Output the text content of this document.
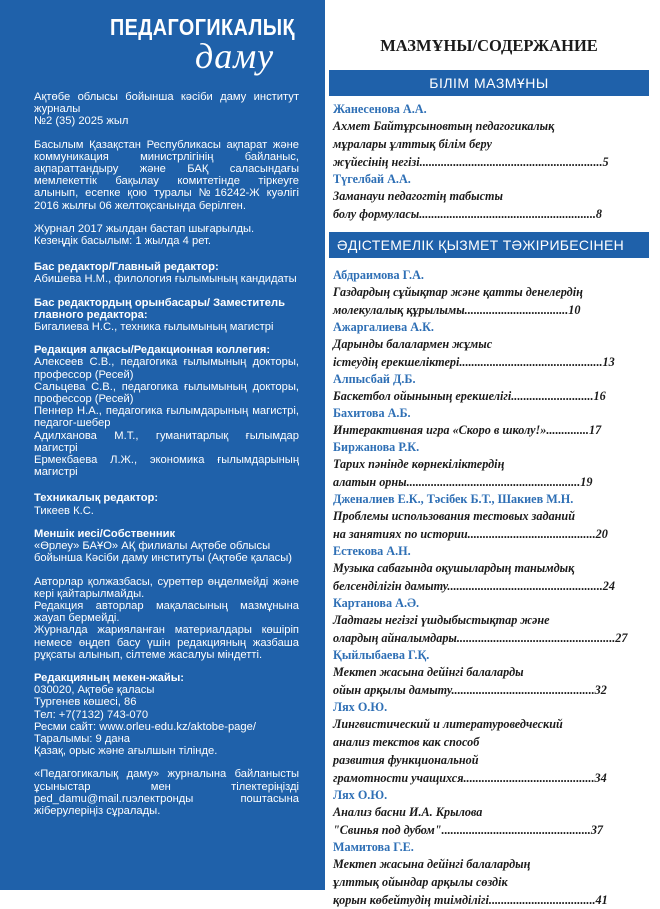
ПЕДАГОГИКАЛЫҚ
даму

Ақтөбе облысы бойынша кәсіби даму институт журналы

№2 (35) 2025 жыл

Басылым Қазақстан Республикасы ақпарат және коммуникация министрлігінің байланыс, ақпараттандыру және БАҚ саласындағы мемлекеттік бақылау комитетінде тіркеуге алынып, есепке қою туралы №16242-Ж куәлігі 2016 жылғы 06 желтоқсанында берілген.

Журнал 2017 жылдан бастап шығарылды. Кезеңдік басылым: 1 жылда 4 рет.

Бас редактор/Главный редактор:

Абишева Н.М., филология ғылымының кандидаты

Бас редактордың орынбасары/ Заместитель главного редактора:

Бигалиева Н.С., техника ғылымының магистрі

Редакция алқасы/Редакционная коллегия:

Алексеев С.В., педагогика ғылымының докторы, профессор (Ресей)

Сальцева С.В., педагогика ғылымының докторы, профессор (Ресей)

Пеннер Н.А., педагогика ғылымдарының магистрі, педагог-шебер

Адилханова М.Т., гуманитарлық ғылымдар магистрі

Ермекбаева Л.Ж., экономика ғылымдарының магистрі

Техникалық редактор:

Тикеев К.С.

Меншік иесі/Собственник

«Өрлеу» БАҰО» АҚ филиалы Ақтөбе облысы бойынша Кәсіби даму институты (Ақтөбе қаласы)

Авторлар қолжазбасы, суреттер өңделмейді және кері қайтарылмайды.

Редакция авторлар мақаласының мазмұнына жауап бермейді.

Журналда жарияланған материалдары көшіріп немесе өңдеп басу үшін редакцияның жазбаша рұқсаты алынып, сілтеме жасалуы міндетті.

Редакцияның мекен-жайы:

030020, Ақтөбе қаласы

Тургенев көшесі, 86

Тел: +7(7132) 743-070

Ресми сайт: www.orleu-edu.kz/aktobe-page/

Таралымы: 9 дана

Қазақ, орыс және ағылшын тілінде.

«Педагогикалық даму» журналына байланысты ұсыныстар мен тілектеріңізді ped_damu@mail.ruэлектронды поштасына жіберулеріңіз сұралады.

МАЗМҰНЫ/СОДЕРЖАНИЕ
БІЛІМ МАЗМҰНЫ
Жанесенова А.А.
Ахмет Байтұрсыновтың педагогикалық
мұралары ұлттық білім беру
жүйесінің негізі............................................................5
Түгелбай А.А.
Заманауи педагогтің табысты
болу формуласы..........................................................8
ӘДІСТЕМЕЛІК ҚЫЗМЕТ ТӘЖІРИБЕСІНЕН
Абдраимова Г.А.
Газдардың сұйықтар және қатты денелердің
молекулалық құрылымы..................................10
Ажаргалиева А.К.
Дарынды балалармен жұмыс
істеудің ерекшеліктері...............................................13
Алпысбай Д.Б.
Баскетбол ойынының ерекшелігі...........................16
Бахитова А.Б.
Интерактивная игра «Скоро в школу!»..............17
Биржанова Р.К.
Тарих пәнінде көрнекіліктердің
алатын орны.........................................................19
Дженалиев Е.К., Тәсібек Б.Т., Шакиев М.Н.
Проблемы использования тестовых заданий
на занятиях по истории..........................................20
Естекова А.Н.
Музыка сабағында оқушылардың танымдық
белсенділігін дамыту...................................................24
Картанова А.Ә.
Ладтағы негізгі үшдыбыстықтар және
олардың айналымдары....................................................27
Қыйлыбаева Г.Қ.
Мектеп жасына дейінгі балаларды
ойын арқылы дамыту...............................................32
Лях О.Ю.
Лингвистический и литературоведческий
анализ текстов как способ
развития функциональной
грамотности учащихся...........................................34
Лях О.Ю.
Анализ басни И.А. Крылова
"Свинья под дубом".................................................37
Мамитова Г.Е.
Мектеп жасына дейінгі балалардың
ұлттық ойындар арқылы сөздік
қорын көбейтудің тиімділігі...................................41
